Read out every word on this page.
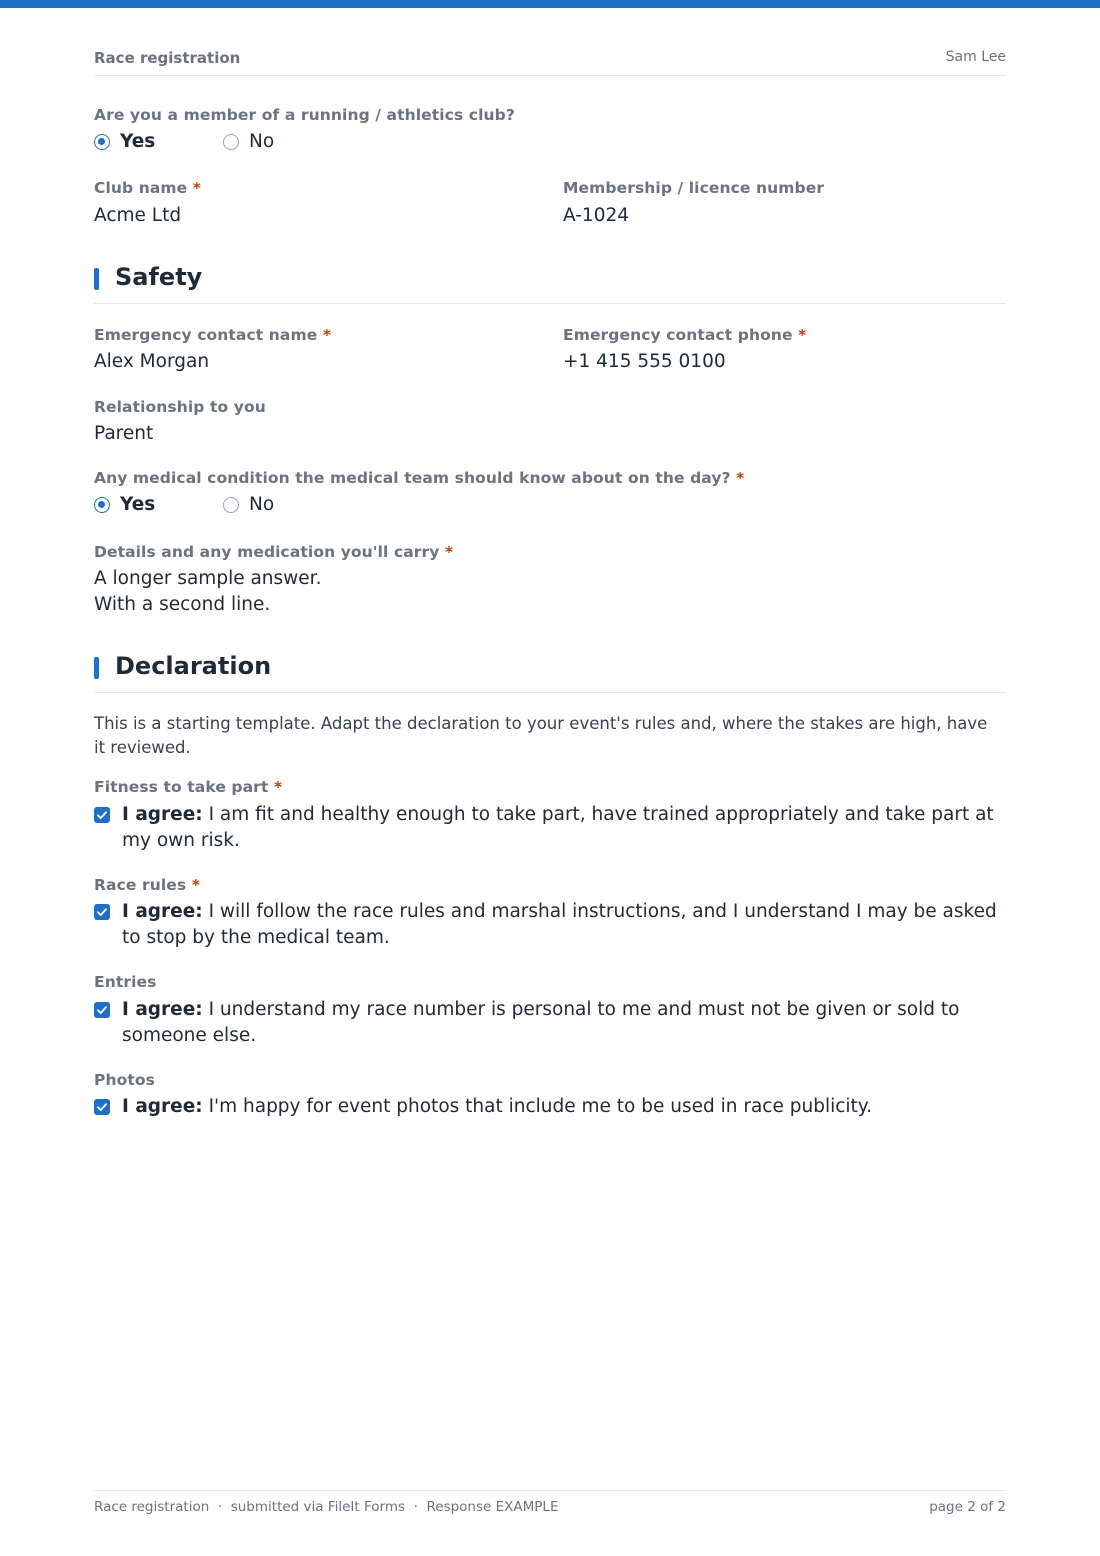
Race registration	Sam Lee
Are you a member of a running / athletics club?
Yes	No
Club name *
Acme Ltd
Membership / licence number
A-1024
Safety
Emergency contact name *
Alex Morgan
Emergency contact phone *
+1 415 555 0100
Relationship to you
Parent
Any medical condition the medical team should know about on the day? *
Yes	No
Details and any medication you'll carry *
A longer sample answer.
With a second line.
Declaration
This is a starting template. Adapt the declaration to your event's rules and, where the stakes are high, have it reviewed.
Fitness to take part *
I agree: I am fit and healthy enough to take part, have trained appropriately and take part at my own risk.
Race rules *
I agree: I will follow the race rules and marshal instructions, and I understand I may be asked to stop by the medical team.
Entries
I agree: I understand my race number is personal to me and must not be given or sold to someone else.
Photos
I agree: I'm happy for event photos that include me to be used in race publicity.
Race registration  ·  submitted via FileIt Forms  ·  Response EXAMPLE	page 2 of 2
